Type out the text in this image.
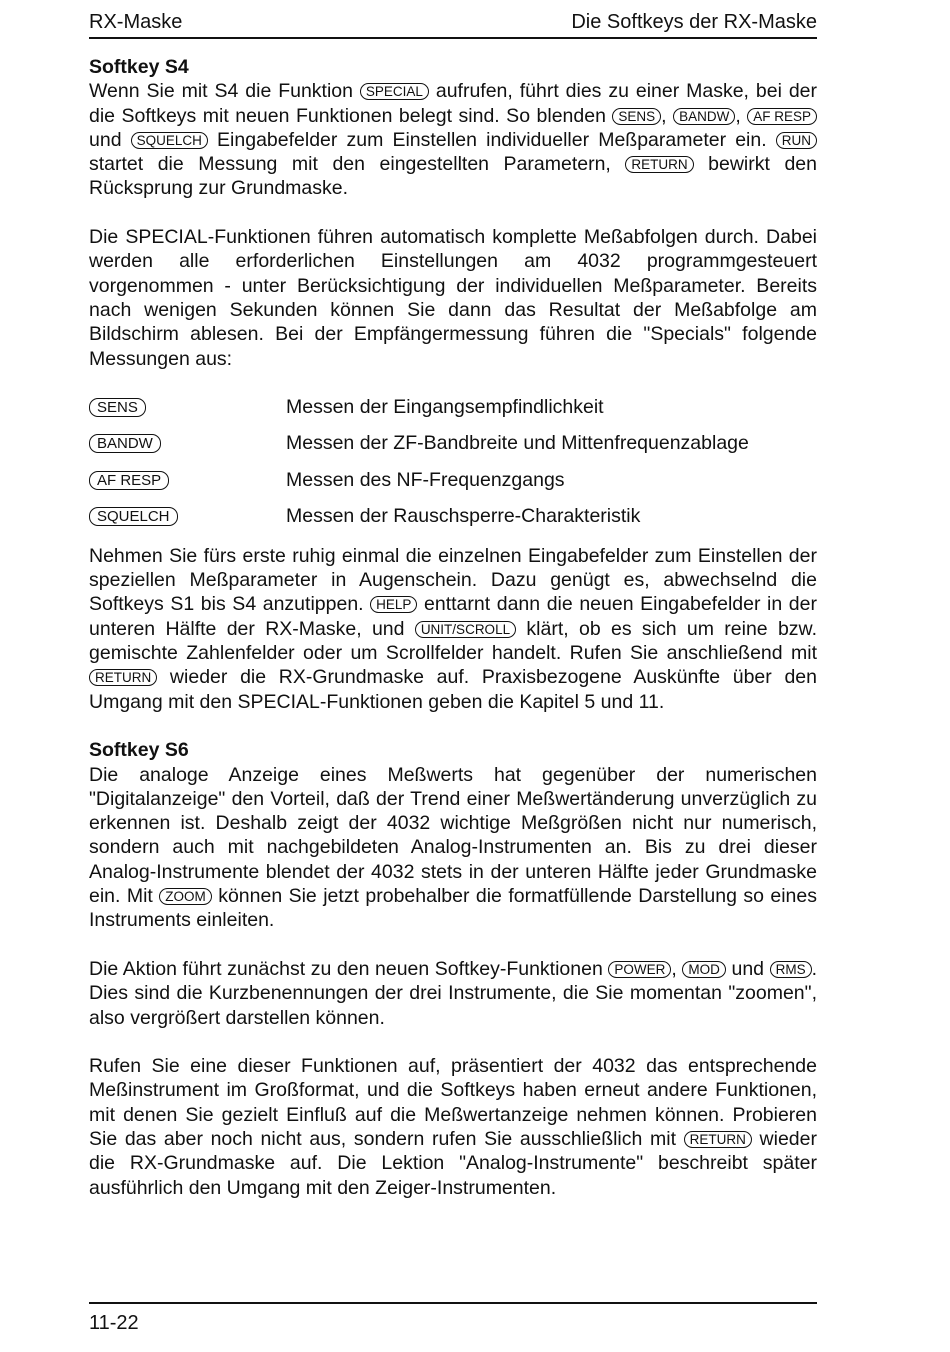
RX-Maske	Die Softkeys der RX-Maske
Softkey S4

Wenn Sie mit S4 die Funktion SPECIAL aufrufen, führt dies zu einer Maske, bei der die Softkeys mit neuen Funktionen belegt sind. So blenden SENS , BANDW , AF RESP und SQUELCH Eingabefelder zum Einstellen individueller Meßparameter ein. RUN startet die Messung mit den eingestellten Parametern, RETURN bewirkt den Rücksprung zur Grundmaske.

Die SPECIAL-Funktionen führen automatisch komplette Meßabfolgen durch. Dabei werden alle erforderlichen Einstellungen am 4032 programmgesteuert vorgenommen - unter Berücksichtigung der individuellen Meßparameter. Bereits nach wenigen Sekunden können Sie dann das Resultat der Meßabfolge am Bildschirm ablesen. Bei der Empfängermessung führen die "Specials" folgende Messungen aus:

SENS	Messen der Eingangsempfindlichkeit
BANDW	Messen der ZF-Bandbreite und Mittenfrequenzablage
AF RESP	Messen des NF-Frequenzgangs
SQUELCH	Messen der Rauschsperre-Charakteristik

Nehmen Sie fürs erste ruhig einmal die einzelnen Eingabefelder zum Einstellen der speziellen Meßparameter in Augenschein. Dazu genügt es, abwechselnd die Softkeys S1 bis S4 anzutippen. HELP enttarnt dann die neuen Eingabefelder in der unteren Hälfte der RX-Maske, und UNIT/SCROLL klärt, ob es sich um reine bzw. gemischte Zahlenfelder oder um Scrollfelder handelt. Rufen Sie anschließend mit RETURN wieder die RX-Grundmaske auf. Praxisbezogene Auskünfte über den Umgang mit den SPECIAL-Funktionen geben die Kapitel 5 und 11.

Softkey S6

Die analoge Anzeige eines Meßwerts hat gegenüber der numerischen "Digitalanzeige" den Vorteil, daß der Trend einer Meßwertänderung unverzüglich zu erkennen ist. Deshalb zeigt der 4032 wichtige Meßgrößen nicht nur numerisch, sondern auch mit nachgebildeten Analog-Instrumenten an. Bis zu drei dieser Analog-Instrumente blendet der 4032 stets in der unteren Hälfte jeder Grundmaske ein. Mit ZOOM können Sie jetzt probehalber die formatfüllende Darstellung so eines Instruments einleiten.

Die Aktion führt zunächst zu den neuen Softkey-Funktionen POWER , MOD und RMS . Dies sind die Kurzbenennungen der drei Instrumente, die Sie momentan "zoomen", also vergrößert darstellen können.

Rufen Sie eine dieser Funktionen auf, präsentiert der 4032 das entsprechende Meßinstrument im Großformat, und die Softkeys haben erneut andere Funktionen, mit denen Sie gezielt Einfluß auf die Meßwertanzeige nehmen können. Probieren Sie das aber noch nicht aus, sondern rufen Sie ausschließlich mit RETURN wieder die RX-Grundmaske auf. Die Lektion "Analog-Instrumente" beschreibt später ausführlich den Umgang mit den Zeiger-Instrumenten.

11-22
